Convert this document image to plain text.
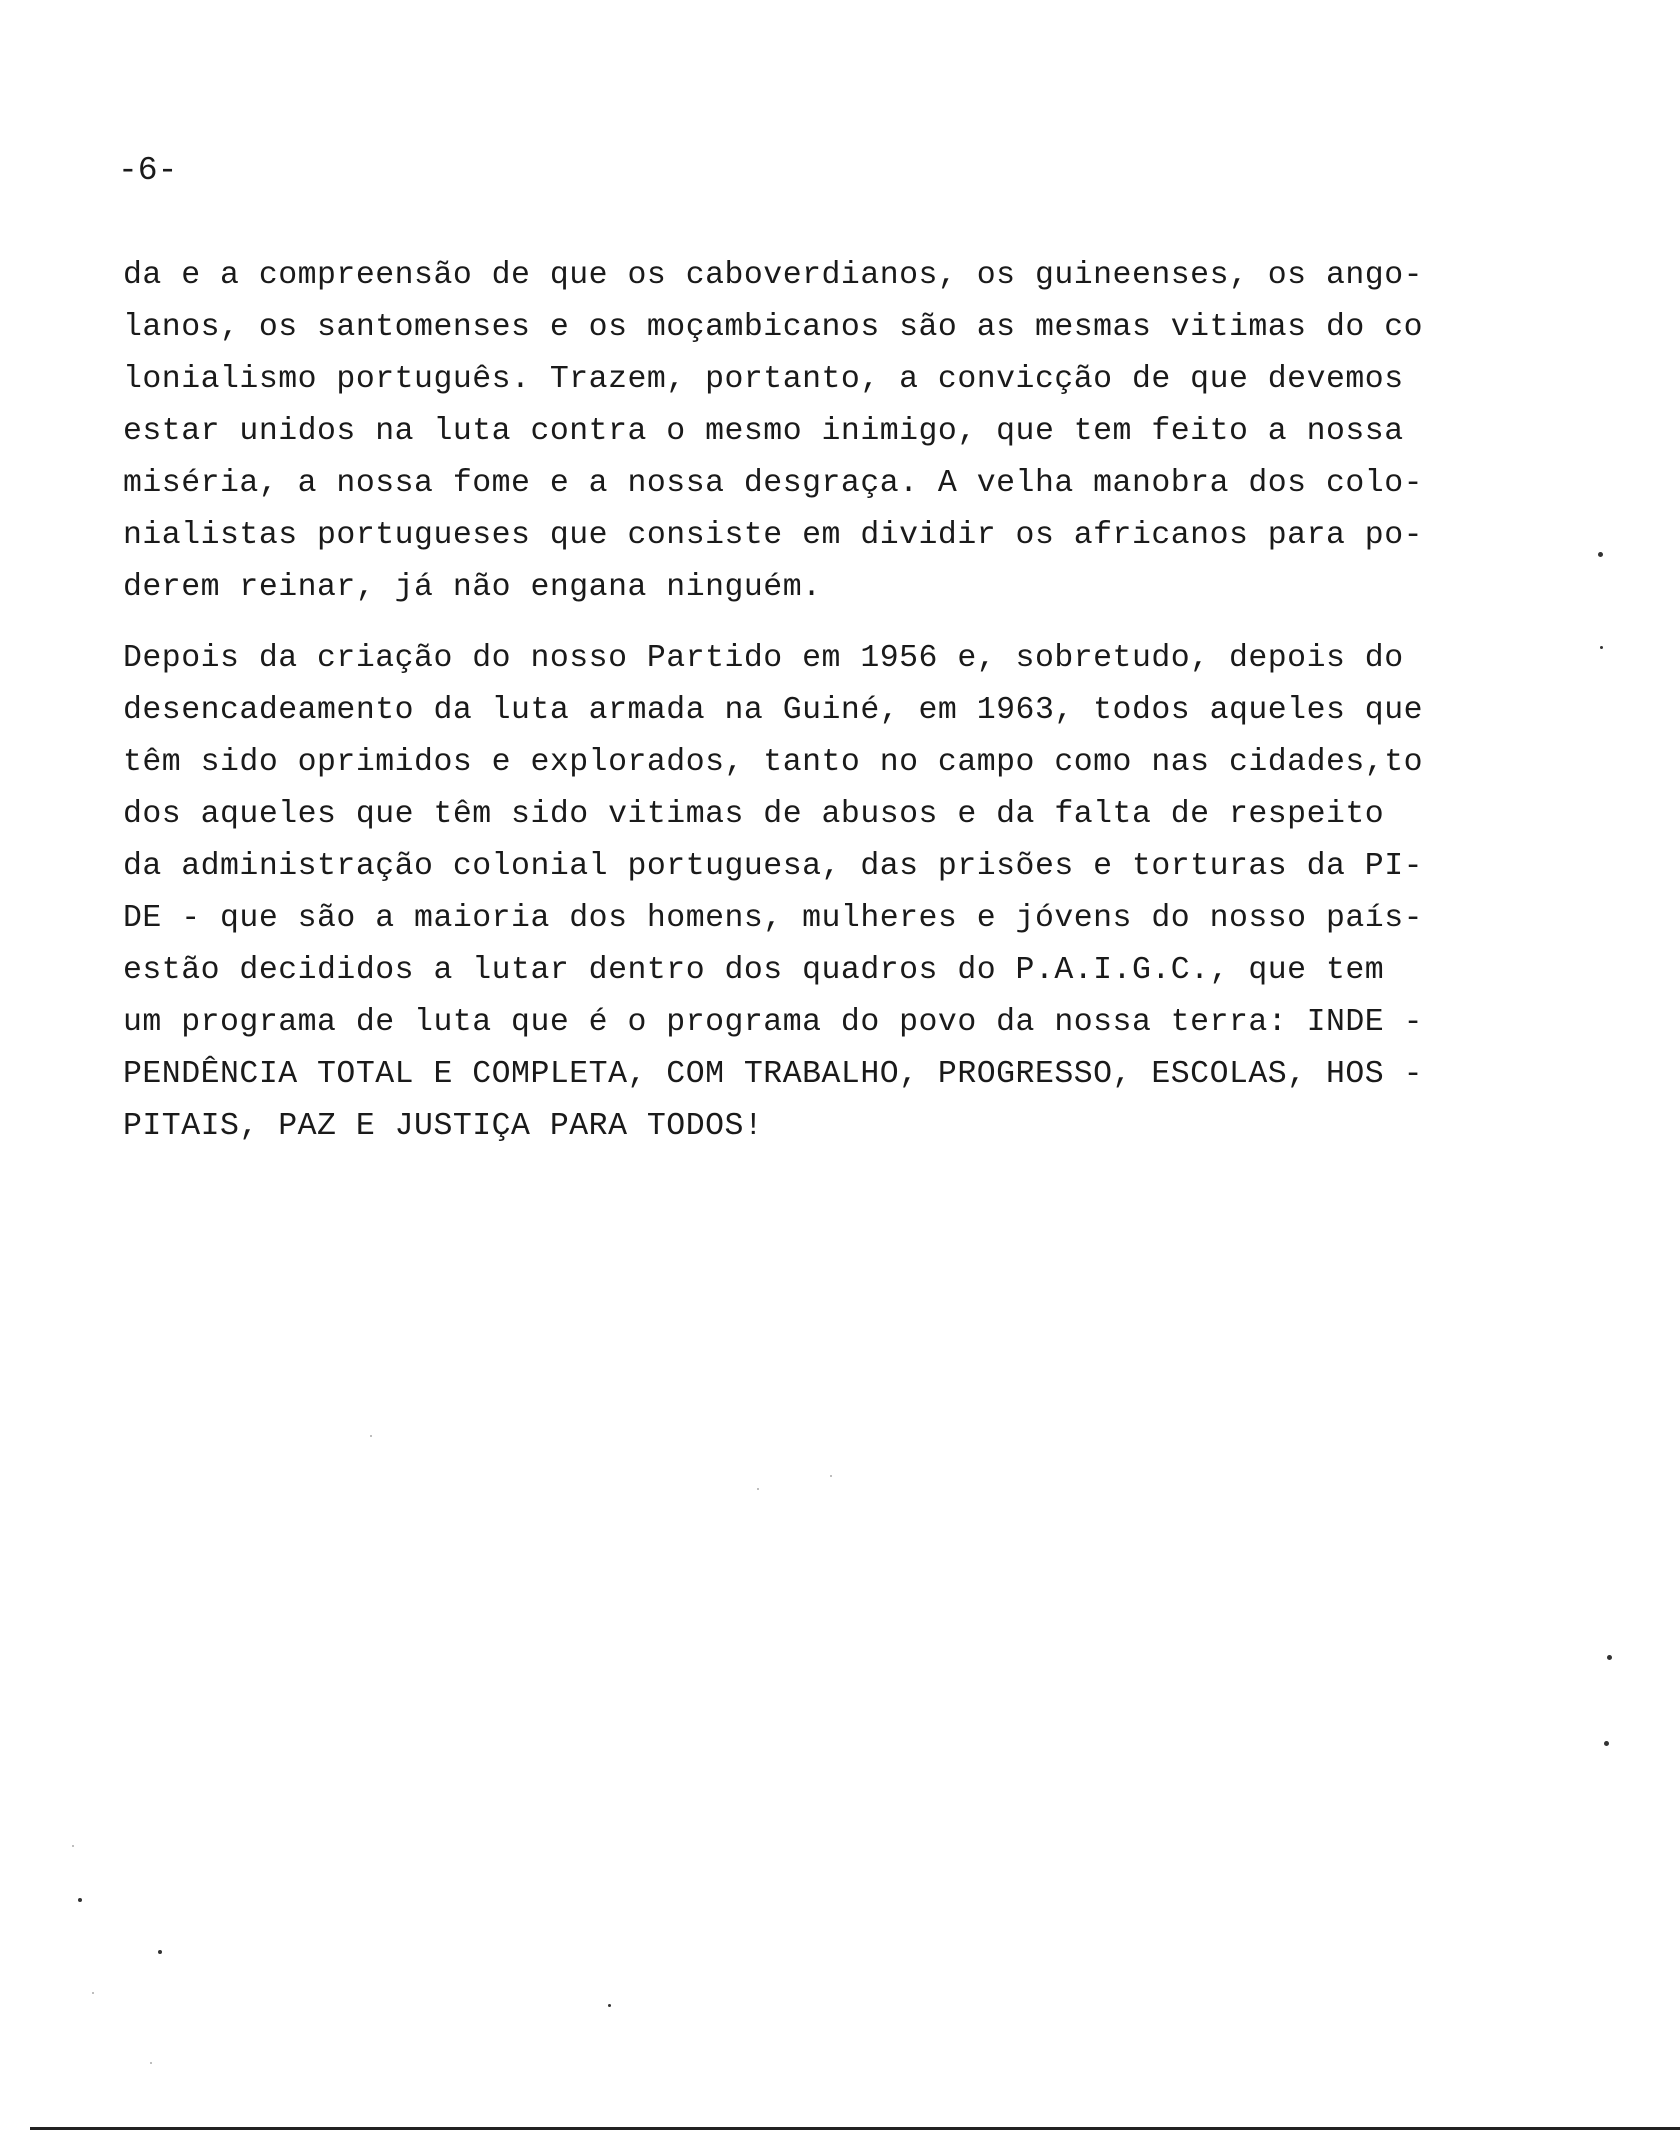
-6-
da e a compreensão de que os caboverdianos, os guineenses, os ango-
lanos, os santomenses e os moçambicanos são as mesmas vitimas do co
lonialismo português. Trazem, portanto, a convicção de que devemos
estar unidos na luta contra o mesmo inimigo, que tem feito a nossa
miséria, a nossa fome e a nossa desgraça. A velha manobra dos colo-
nialistas portugueses que consiste em dividir os africanos para po-
derem reinar, já não engana ninguém.
Depois da criação do nosso Partido em 1956 e, sobretudo, depois do
desencadeamento da luta armada na Guiné, em 1963, todos aqueles que
têm sido oprimidos e explorados, tanto no campo como nas cidades,to
dos aqueles que têm sido vitimas de abusos e da falta de respeito
da administração colonial portuguesa, das prisões e torturas da PI-
DE - que são a maioria dos homens, mulheres e jóvens do nosso país-
estão decididos a lutar dentro dos quadros do P.A.I.G.C., que tem
um programa de luta que é o programa do povo da nossa terra: INDE -
PENDÊNCIA TOTAL E COMPLETA, COM TRABALHO, PROGRESSO, ESCOLAS, HOS -
PITAIS, PAZ E JUSTIÇA PARA TODOS!
